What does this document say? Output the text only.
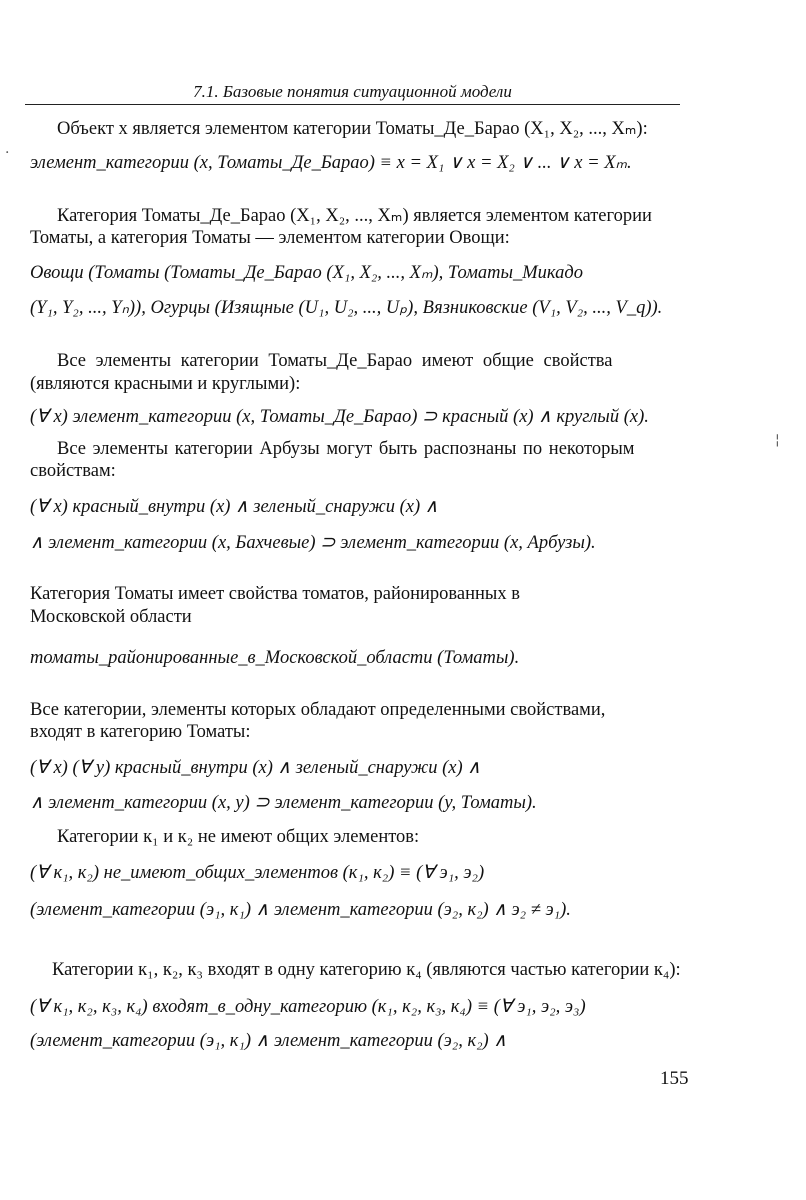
7.1. Базовые понятия ситуационной модели
Объект x является элементом категории Томаты_Де_Барао (X₁, X₂, ..., Xₘ):
элемент_категории (x, Томаты_Де_Барао) ≡ x = X₁ ∨ x = X₂ ∨ ... ∨ x = Xₘ.
Категория Томаты_Де_Барао (X₁, X₂, ..., Xₘ) является элементом категории
Томаты, а категория Томаты — элементом категории Овощи:
Овощи (Томаты (Томаты_Де_Барао (X₁, X₂, ..., Xₘ), Томаты_Микадо
(Y₁, Y₂, ..., Yₙ)), Огурцы (Изящные (U₁, U₂, ..., Uₚ), Вязниковские (V₁, V₂, ..., V_q)).
Все элементы категории Томаты_Де_Барао имеют общие свойства
(являются красными и круглыми):
(∀ x) элемент_категории (x, Томаты_Де_Барао) ⊃ красный (x) ∧ круглый (x).
Все элементы категории Арбузы могут быть распознаны по некоторым
свойствам:
(∀ x) красный_внутри (x) ∧ зеленый_снаружи (x) ∧
∧ элемент_категории (x, Бахчевые) ⊃ элемент_категории (x, Арбузы).
Категория Томаты имеет свойства томатов, районированных в
Московской области
томаты_районированные_в_Московской_области (Томаты).
Все категории, элементы которых обладают определенными свойствами,
входят в категорию Томаты:
(∀ x) (∀ y) красный_внутри (x) ∧ зеленый_снаружи (x) ∧
∧ элемент_категории (x, y) ⊃ элемент_категории (y, Томаты).
Категории к₁ и к₂ не имеют общих элементов:
(∀ к₁, к₂) не_имеют_общих_элементов (к₁, к₂) ≡ (∀ э₁, э₂)
(элемент_категории (э₁, к₁) ∧ элемент_категории (э₂, к₂) ∧ э₂ ≠ э₁).
Категории к₁, к₂, к₃ входят в одну категорию к₄ (являются частью категории к₄):
(∀ к₁, к₂, к₃, к₄) входят_в_одну_категорию (к₁, к₂, к₃, к₄) ≡ (∀ э₁, э₂, э₃)
(элемент_категории (э₁, к₁) ∧ элемент_категории (э₂, к₂) ∧
155
¦
·
